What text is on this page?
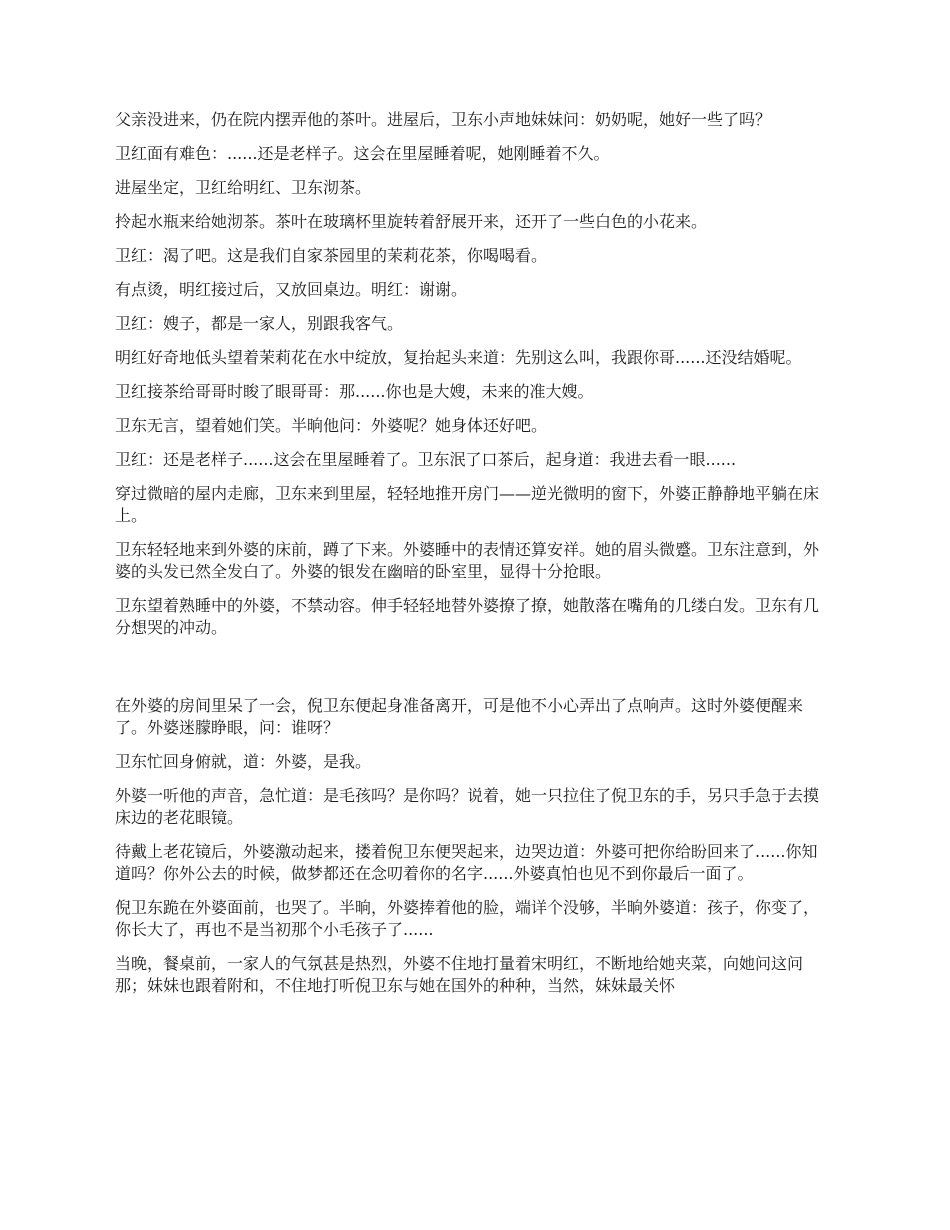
父亲没进来，仍在院内摆弄他的茶叶。进屋后，卫东小声地妹妹问：奶奶呢，她好一些了吗？

卫红面有难色：......还是老样子。这会在里屋睡着呢，她刚睡着不久。

进屋坐定，卫红给明红、卫东沏茶。

拎起水瓶来给她沏茶。茶叶在玻璃杯里旋转着舒展开来，还开了一些白色的小花来。

卫红：渴了吧。这是我们自家茶园里的茉莉花茶，你喝喝看。

有点烫，明红接过后，又放回桌边。明红：谢谢。

卫红：嫂子，都是一家人，别跟我客气。

明红好奇地低头望着茉莉花在水中绽放，复抬起头来道：先别这么叫，我跟你哥......还没结婚呢。

卫红接茶给哥哥时睃了眼哥哥：那......你也是大嫂，未来的准大嫂。

卫东无言，望着她们笑。半晌他问：外婆呢？她身体还好吧。

卫红：还是老样子......这会在里屋睡着了。卫东泯了口茶后，起身道：我进去看一眼......

穿过微暗的屋内走廊，卫东来到里屋，轻轻地推开房门——逆光微明的窗下，外婆正静静地平躺在床上。

卫东轻轻地来到外婆的床前，蹲了下来。外婆睡中的表情还算安祥。她的眉头微蹙。卫东注意到，外婆的头发已然全发白了。外婆的银发在幽暗的卧室里，显得十分抢眼。

卫东望着熟睡中的外婆，不禁动容。伸手轻轻地替外婆撩了撩，她散落在嘴角的几缕白发。卫东有几分想哭的冲动。

在外婆的房间里呆了一会，倪卫东便起身准备离开，可是他不小心弄出了点响声。这时外婆便醒来了。外婆迷朦睁眼，问：谁呀？

卫东忙回身俯就，道：外婆，是我。

外婆一听他的声音，急忙道：是毛孩吗？是你吗？说着，她一只拉住了倪卫东的手，另只手急于去摸床边的老花眼镜。

待戴上老花镜后，外婆激动起来，搂着倪卫东便哭起来，边哭边道：外婆可把你给盼回来了......你知道吗？你外公去的时候，做梦都还在念叨着你的名字......外婆真怕也见不到你最后一面了。

倪卫东跪在外婆面前，也哭了。半晌，外婆捧着他的脸，端详个没够，半晌外婆道：孩子，你变了，你长大了，再也不是当初那个小毛孩子了......

当晚，餐桌前，一家人的气氛甚是热烈，外婆不住地打量着宋明红，不断地给她夹菜，向她问这问那；妹妹也跟着附和，不住地打听倪卫东与她在国外的种种，当然，妹妹最关怀
